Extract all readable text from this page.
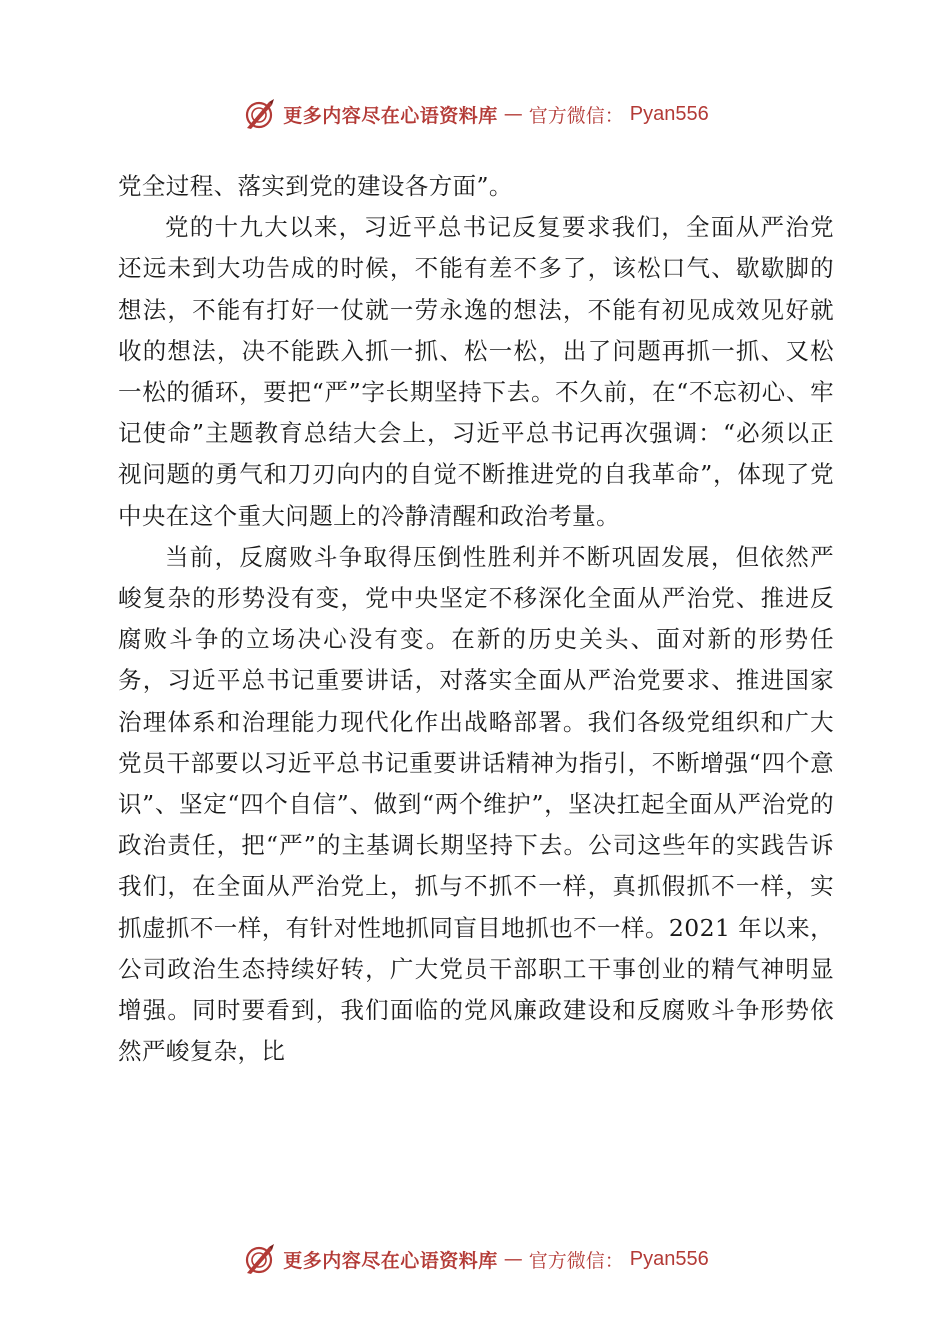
更多内容尽在心语资料库 — 官方微信： Pyan556

党全过程、落实到党的建设各方面”。

党的十九大以来，习近平总书记反复要求我们，全面从严治党还远未到大功告成的时候，不能有差不多了，该松口气、歇歇脚的想法，不能有打好一仗就一劳永逸的想法，不能有初见成效见好就收的想法，决不能跌入抓一抓、松一松，出了问题再抓一抓、又松一松的循环，要把“严”字长期坚持下去。不久前，在“不忘初心、牢记使命”主题教育总结大会上，习近平总书记再次强调：“必须以正视问题的勇气和刀刃向内的自觉不断推进党的自我革命”，体现了党中央在这个重大问题上的冷静清醒和政治考量。

当前，反腐败斗争取得压倒性胜利并不断巩固发展，但依然严峻复杂的形势没有变，党中央坚定不移深化全面从严治党、推进反腐败斗争的立场决心没有变。在新的历史关头、面对新的形势任务，习近平总书记重要讲话，对落实全面从严治党要求、推进国家治理体系和治理能力现代化作出战略部署。我们各级党组织和广大党员干部要以习近平总书记重要讲话精神为指引，不断增强“四个意识”、坚定“四个自信”、做到“两个维护”，坚决扛起全面从严治党的政治责任，把“严”的主基调长期坚持下去。公司这些年的实践告诉我们，在全面从严治党上，抓与不抓不一样，真抓假抓不一样，实抓虚抓不一样，有针对性地抓同盲目地抓也不一样。2021 年以来，公司政治生态持续好转，广大党员干部职工干事创业的精气神明显增强。同时要看到，我们面临的党风廉政建设和反腐败斗争形势依然严峻复杂，比

更多内容尽在心语资料库 — 官方微信： Pyan556
